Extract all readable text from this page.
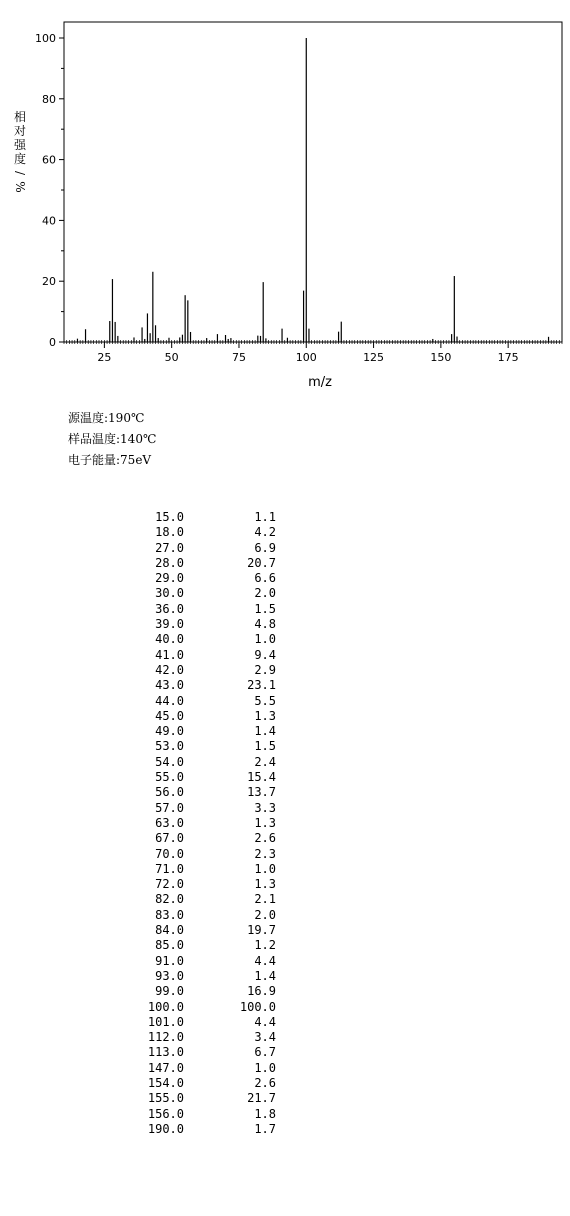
0
20
40
60
80
100
25	50	75	100	125	150	175
m/z
相
对
强
度
/
%
源温度:190℃
样品温度:140℃
电子能量:75eV
15.0	1.1
18.0	4.2
27.0	6.9
28.0	20.7
29.0	6.6
30.0	2.0
36.0	1.5
39.0	4.8
40.0	1.0
41.0	9.4
42.0	2.9
43.0	23.1
44.0	5.5
45.0	1.3
49.0	1.4
53.0	1.5
54.0	2.4
55.0	15.4
56.0	13.7
57.0	3.3
63.0	1.3
67.0	2.6
70.0	2.3
71.0	1.0
72.0	1.3
82.0	2.1
83.0	2.0
84.0	19.7
85.0	1.2
91.0	4.4
93.0	1.4
99.0	16.9
100.0	100.0
101.0	4.4
112.0	3.4
113.0	6.7
147.0	1.0
154.0	2.6
155.0	21.7
156.0	1.8
190.0	1.7
